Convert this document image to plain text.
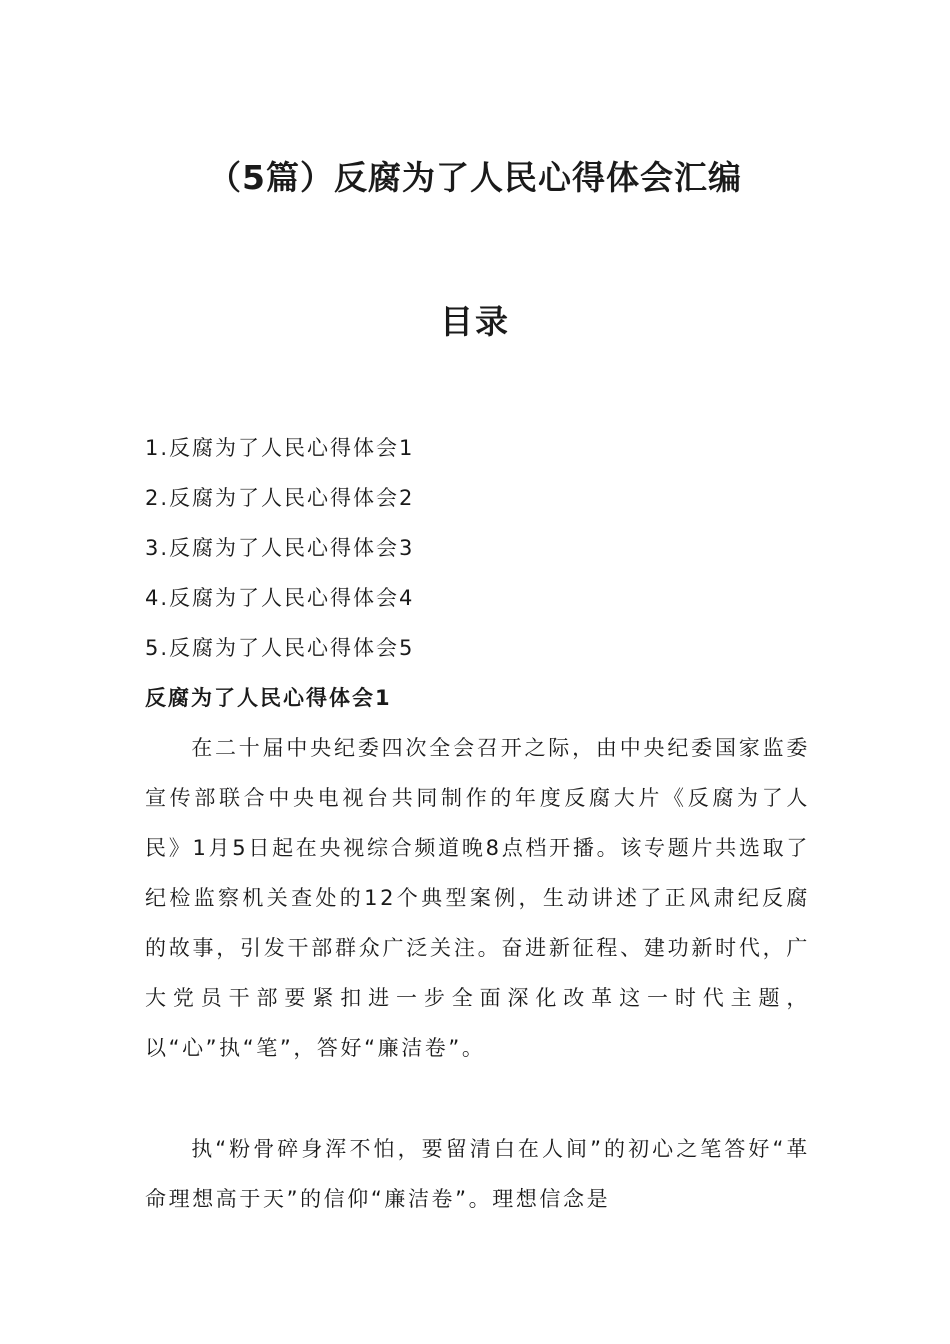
（5篇）反腐为了人民心得体会汇编
目录
1.反腐为了人民心得体会1
2.反腐为了人民心得体会2
3.反腐为了人民心得体会3
4.反腐为了人民心得体会4
5.反腐为了人民心得体会5
反腐为了人民心得体会1

在二十届中央纪委四次全会召开之际，由中央纪委国家监委宣传部联合中央电视台共同制作的年度反腐大片《反腐为了人民》1月5日起在央视综合频道晚8点档开播。该专题片共选取了纪检监察机关查处的12个典型案例，生动讲述了正风肃纪反腐的故事，引发干部群众广泛关注。奋进新征程、建功新时代，广大党员干部要紧扣进一步全面深化改革这一时代主题，以“心”执“笔”，答好“廉洁卷”。

执“粉骨碎身浑不怕，要留清白在人间”的初心之笔答好“革命理想高于天”的信仰“廉洁卷”。理想信念是
